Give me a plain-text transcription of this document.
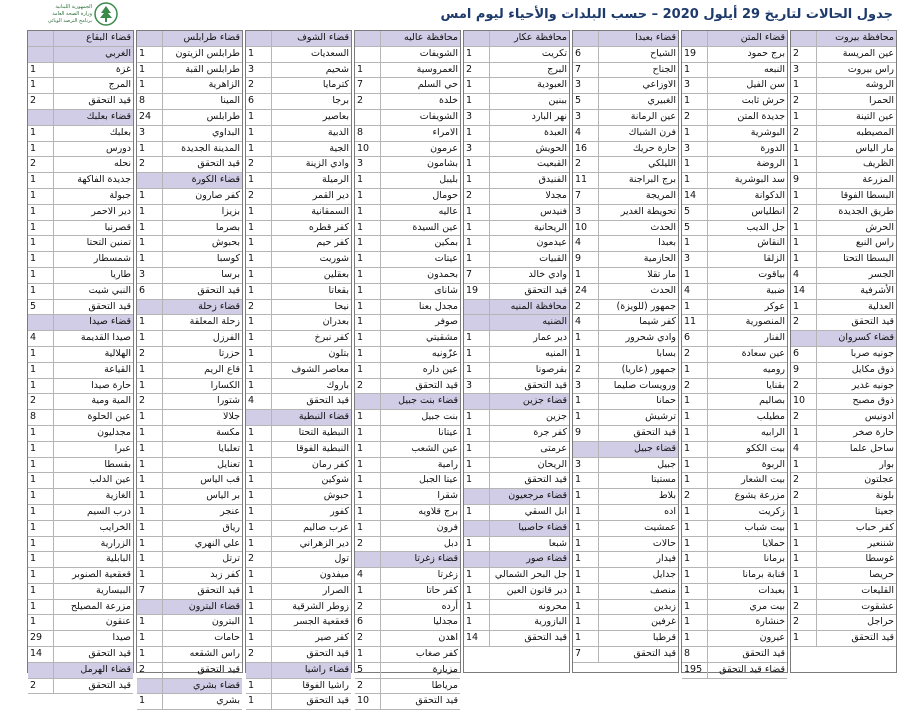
الجمهورية اللبنانية
وزارة الصحة العامة
برنامج الترصد الوبائي	جدول الحالات لتاريخ 29 أيلول 2020 – حسب البلدات والأحياء ليوم امس
محافظة بيروت
عين المريسة
2
راس بيروت
3
الروشه
1
الحمرا
2
عين التينة
1
المصيطبه
2
مار الياس
1
الظريف
1
المزرعة
9
البسطا الفوقا
1
طريق الجديدة
2
الحرش
1
راس النبع
1
البسطا التحتا
1
الجسر
4
الأشرفية
14
العدلية
1
قيد التحقق
2
قضاء كسروان
جونيه صربا
6
ذوق مكايل
9
جونيه غدير
2
ذوق مصبح
10
ادونيس
2
حارة صخر
1
ساحل علما
4
بوار
1
عجلتون
2
بلونة
2
جعيتا
1
كفر حباب
1
شننعير
1
غوسطا
1
حريصا
1
القليعات
1
عشقوت
2
حراجل
2
قيد التحقق
1
قضاء المتن
برج حمود
19
النبعه
1
سن الفيل
3
حرش ثابت
1
جديدة المتن
2
البوشرية
1
الدورة
3
الروضة
1
سد البوشرية
1
الدكوانة
14
انطلياس
5
جل الديب
5
النقاش
1
الزلقا
3
بياقوت
1
ضبية
4
عوكر
1
المنصورية
11
الفنار
6
عين سعادة
2
روميه
1
بقنايا
2
بصاليم
1
مطيلب
1
الرابيه
1
بيت الككو
1
الربوة
1
بيت الشعار
1
مزرعة يشوع
2
زكريت
1
بيت شباب
1
حملايا
1
برمانا
1
قنابة برمانا
1
بعبدات
1
بيت مري
1
خنشارة
1
عيرون
1
قيد التحقق
8
قضاء قيد التحقق
195
قضاء بعبدا
الشياح
6
الجناح
7
الاوزاعي
3
الغبيري
5
عين الرمانة
3
فرن الشباك
4
حارة حريك
16
الليلكي
2
برج البراجنة
11
المريجة
7
تحويطة الغدير
3
الحدث
10
بعبدا
4
الحازمية
9
مار تقلا
1
الحدث
24
جمهور (للويزة)
2
كفر شيما
4
وادي شحرور
1
بسابا
1
جمهور (عاريا)
2
ورويسات صليما
3
حمانا
1
ترشيش
1
قيد التحقق
9
قضاء جبيل
جبيل
3
مستيتا
1
بلاط
1
اده
1
عمشيت
1
حالات
1
فيدار
1
جدايل
1
منصف
1
زبدين
1
غرفين
1
قرطبا
1
قيد التحقق
7
محافظة عكار
تكريت
1
البرج
2
العبودية
1
ببنين
1
نهر البارد
3
العبدة
1
الحويش
3
القبعيت
1
الفنيدق
1
مجدلا
2
فنيدس
1
الريحانية
1
عيدمون
1
القبيات
1
وادي خالد
7
قيد التحقق
19
محافظة المنيه
الضنيه
دير عمار
1
المنيه
1
بقرصونا
1
قيد التحقق
3
قضاء جزين
جزين
1
كفر جرة
1
عرمتى
1
الريحان
1
قيد التحقق
1
قضاء مرجعيون
ابل السقي
1
قضاء حاصبيا
شبعا
1
قضاء صور
جل البحر الشمالي
1
دير قانون العين
1
محرونه
1
البازورية
1
قيد التحقق
14
محافظة عاليه
الشويفات
العمروسية
1
حي السلم
7
خلدة
2
الشويفات
الامراء
8
عرمون
10
بشامون
3
بليبل
1
حومال
1
عاليه
1
عين السيدة
1
بمكين
1
عيتات
1
بحمدون
1
شانای
1
مجدل بعنا
1
صوفر
1
مشقيتي
1
عزّونيه
1
عين داره
1
قيد التحقق
2
قضاء بنت جبيل
بنت جبيل
1
عيتانا
1
عين الشعب
1
رامية
1
عيتا الجبل
1
شقرا
1
برج قلاويه
1
فرون
1
دبل
2
قضاء زغرتا
زغرتا
4
كفر حاتا
1
أرده
2
مجدليا
6
اهدن
2
كفر صغاب
1
مزيارة
5
مرياطا
2
قيد التحقق
10
قضاء الشوف
السعديات
1
شحيم
3
كترمايا
2
برجا
6
بعاصير
1
الدبية
1
الجية
1
وادي الزينة
2
الرميلة
1
دير القمر
2
السمقانية
1
كفر قطره
1
كفر حيم
1
شوريت
1
بعقلين
1
بقعاتا
1
نيحا
2
بعدران
1
كفر نبرخ
1
بتلون
1
معاصر الشوف
1
باروك
1
قيد التحقق
4
قضاء النبطية
النبطية التحتا
1
النبطية الفوقا
1
كفر رمان
1
شوكين
1
حبوش
1
كفور
1
عرب صاليم
1
دير الزهراني
1
تول
2
ميفدون
1
الصرار
1
زوطر الشرقية
1
قعقعية الجسر
1
كفر صير
1
قيد التحقق
2
قضاء راشيا
راشيا الفوقا
1
قيد التحقق
1
قضاء طرابلس
طرابلس الزيتون
1
طرابلس القبة
1
الزاهرية
1
المينا
8
طرابلس
24
البداوي
3
المدينة الجديدة
1
قيد التحقق
2
قضاء الكورة
كفر صارون
1
بزيزا
1
بصرما
1
بحبوش
1
كوسبا
1
برسا
3
قيد التحقق
6
قضاء زحلة
زحلة المعلقة
1
الفرزل
1
حزرتا
2
قاع الريم
1
الكسارا
1
شتورا
2
جلالا
1
مكسة
1
تعلبايا
1
تعنايل
1
قب الياس
1
بر الياس
1
عنجر
1
رياق
1
علي النهري
1
ترتل
1
كفر زبد
1
قيد التحقق
7
قضاء البترون
البترون
1
حامات
1
راس الشقعه
1
قيد التحقق
2
قضاء بشري
بشري
1
قضاء البقاع
الغربي
غزة
1
المرج
1
قيد التحقق
2
قضاء بعلبك
بعلبك
1
دورس
1
نحله
2
جديدة الفاكهة
1
جبولة
1
دير الاحمر
1
قصرنبا
1
تمنين التحتا
1
شمسطار
1
طاريا
1
النبي شيت
1
قيد التحقق
5
قضاء صيدا
صيدا القديمة
4
الهلالية
1
القياعة
1
حارة صيدا
1
المية ومية
2
عين الحلوة
8
مجدليون
1
عبرا
1
بقسطا
1
عين الدلب
1
الغازية
1
درب السيم
1
الخرايب
1
الزرارية
1
البابلية
1
قعقعية الصنوبر
1
البيسارية
1
مزرعة المصيلح
1
عنقون
1
صيدا
29
قيد التحقق
14
قضاء الهرمل
قيد التحقق
2
